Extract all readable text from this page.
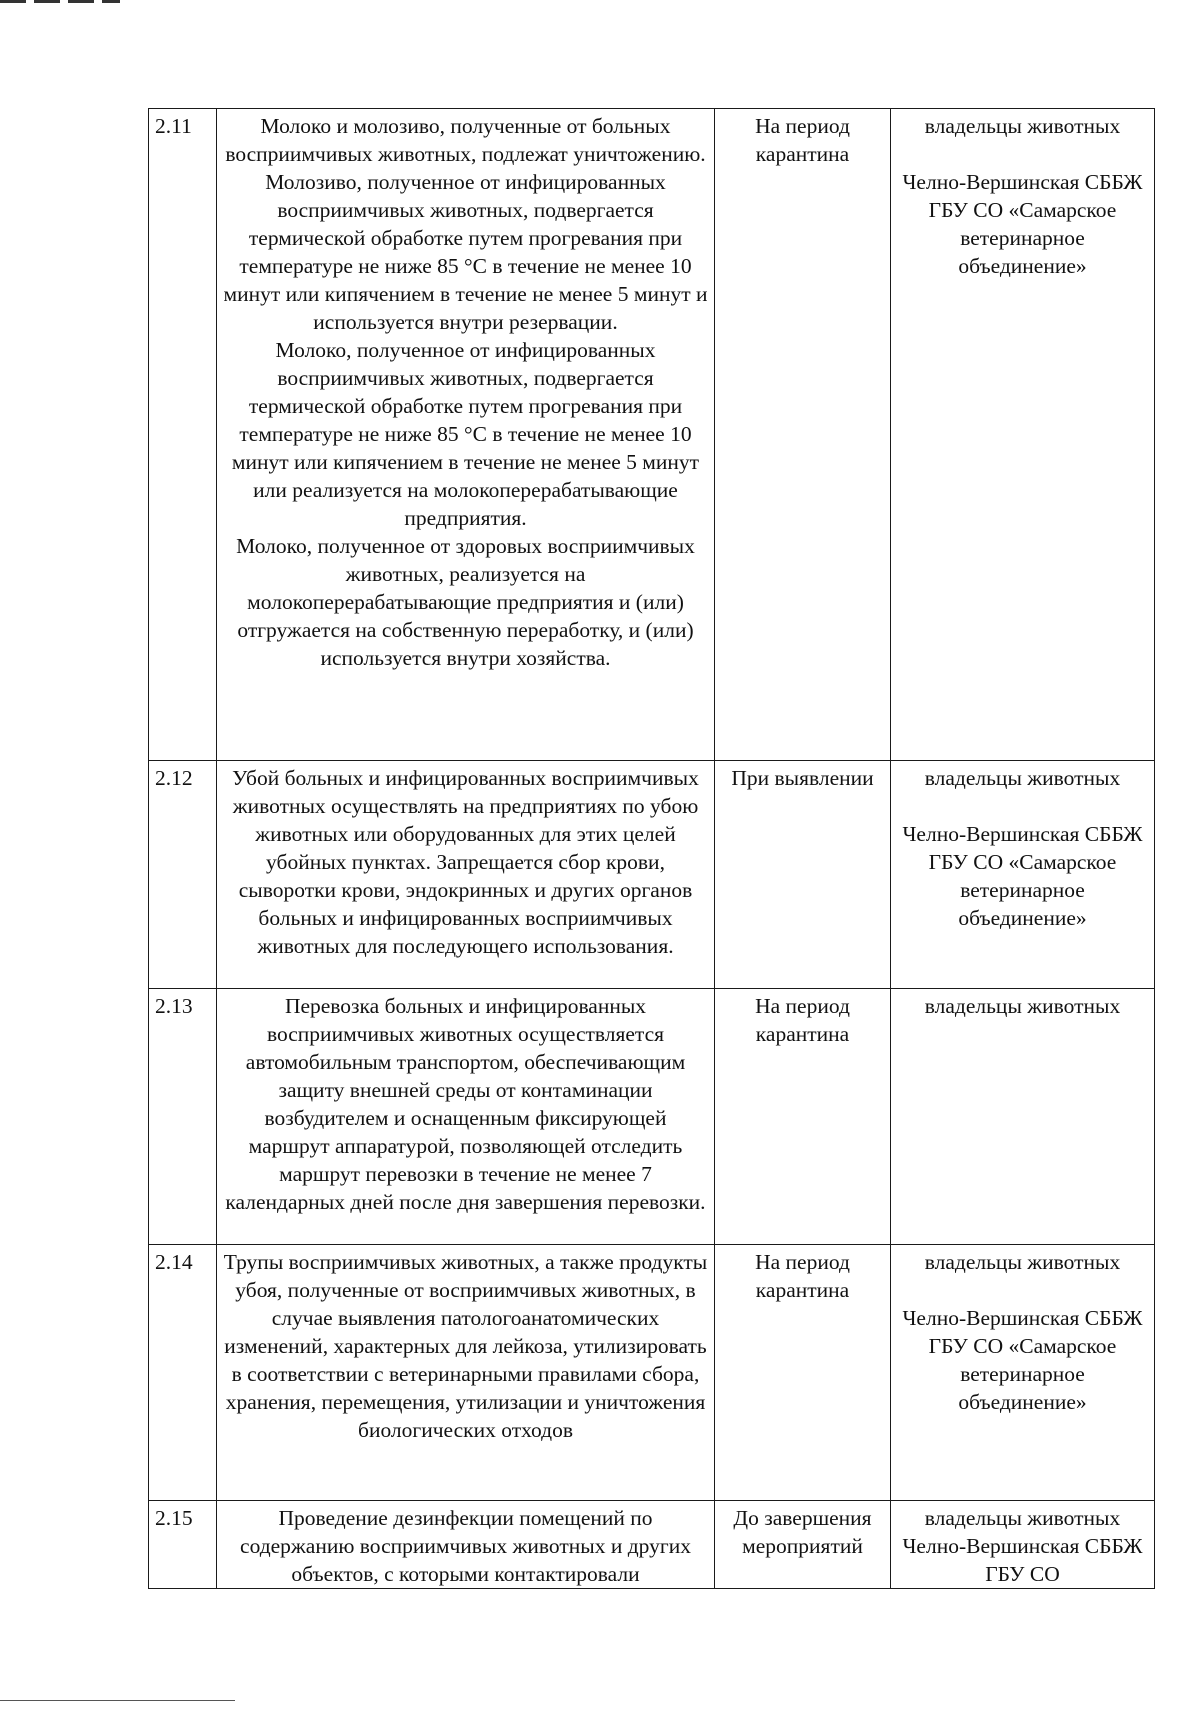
2.11	Молоко и молозиво, полученные от больных восприимчивых животных, подлежат уничтожению. Молозиво, полученное от инфицированных восприимчивых животных, подвергается термической обработке путем прогревания при температуре не ниже 85 °С в течение не менее 10 минут или кипячением в течение не менее 5 минут и используется внутри резервации.
Молоко, полученное от инфицированных восприимчивых животных, подвергается термической обработке путем прогревания при температуре не ниже 85 °С в течение не менее 10 минут или кипячением в течение не менее 5 минут или реализуется на молокоперерабатывающие предприятия.
Молоко, полученное от здоровых восприимчивых животных, реализуется на молокоперерабатывающие предприятия и (или) отгружается на собственную переработку, и (или) используется внутри хозяйства.	На период карантина	владельцы животных
Челно-Вершинская СББЖ ГБУ СО «Самарское ветеринарное объединение»

2.12	Убой больных и инфицированных восприимчивых животных осуществлять на предприятиях по убою животных или оборудованных для этих целей убойных пунктах. Запрещается сбор крови, сыворотки крови, эндокринных и других органов больных и инфицированных восприимчивых животных для последующего использования.	При выявлении	владельцы животных
Челно-Вершинская СББЖ ГБУ СО «Самарское ветеринарное объединение»

2.13	Перевозка больных и инфицированных восприимчивых животных осуществляется автомобильным транспортом, обеспечивающим защиту внешней среды от контаминации возбудителем и оснащенным фиксирующей маршрут аппаратурой, позволяющей отследить маршрут перевозки в течение не менее 7 календарных дней после дня завершения перевозки.	На период карантина	владельцы животных

2.14	Трупы восприимчивых животных, а также продукты убоя, полученные от восприимчивых животных, в случае выявления патологоанатомических изменений, характерных для лейкоза, утилизировать в соответствии с ветеринарными правилами сбора, хранения, перемещения, утилизации и уничтожения биологических отходов	На период карантина	владельцы животных
Челно-Вершинская СББЖ ГБУ СО «Самарское ветеринарное объединение»

2.15	Проведение дезинфекции помещений по содержанию восприимчивых животных и других объектов, с которыми контактировали	До завершения мероприятий	владельцы животных
Челно-Вершинская СББЖ ГБУ СО
